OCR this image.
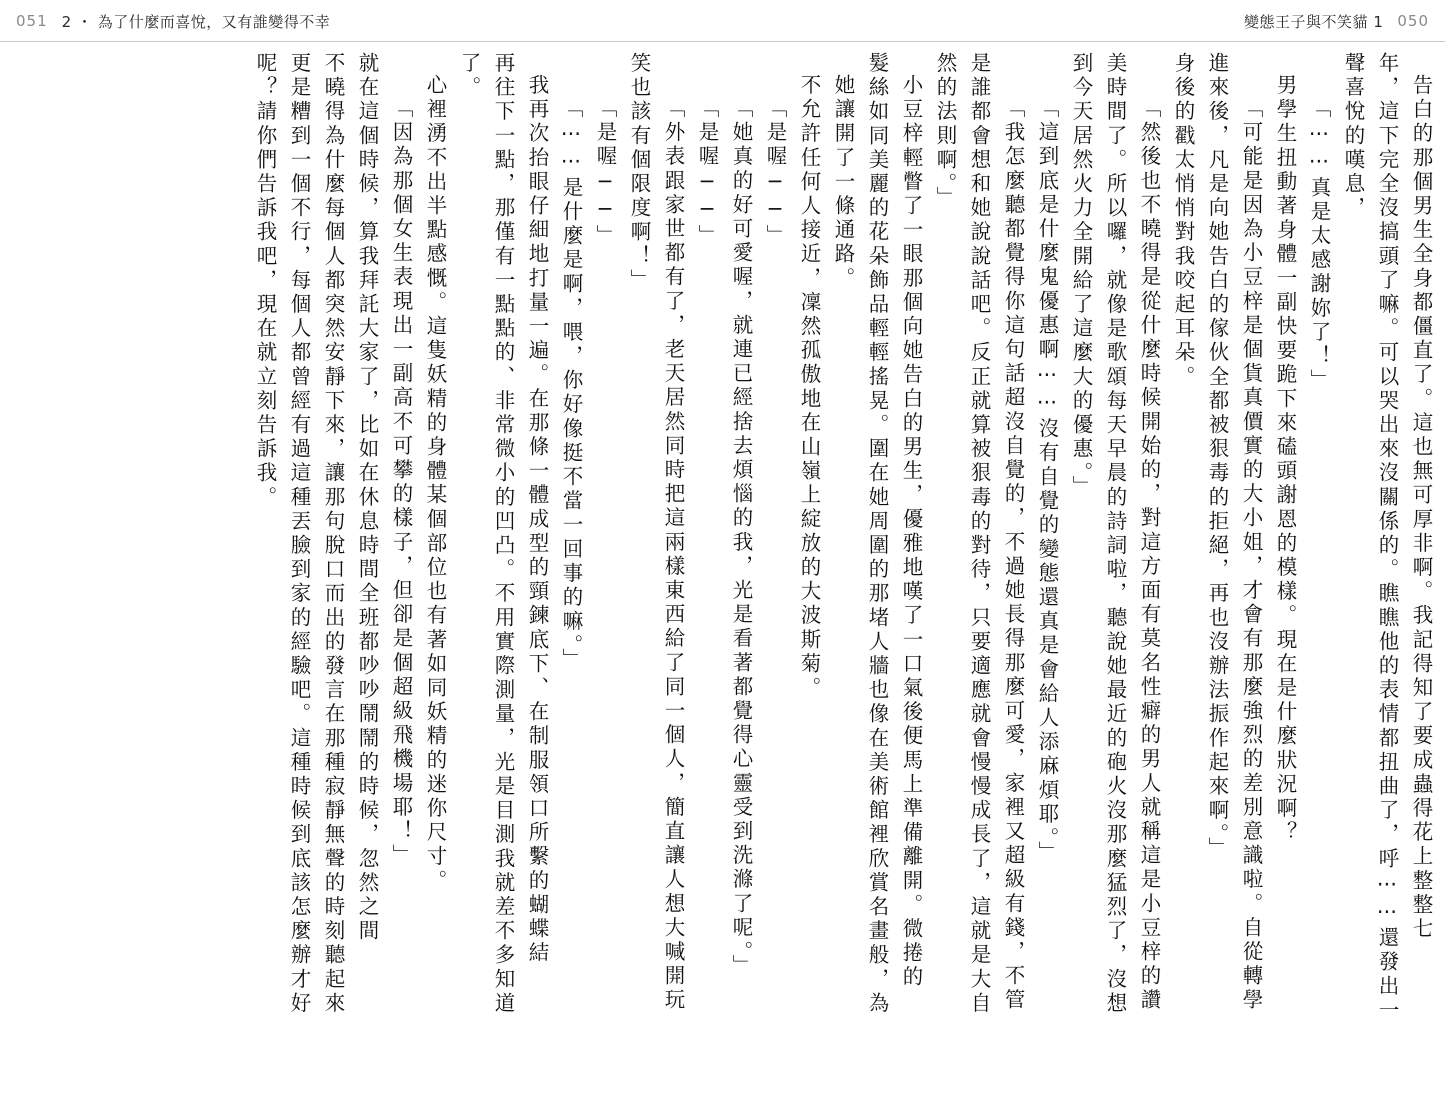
051 2 ・ 為了什麼而喜悅，又有誰變得不幸	變態王子與不笑貓 1 050
告白的那個男生全身都僵直了。這也無可厚非啊。我記得知了要成蟲得花上整整七
年，這下完全沒搞頭了嘛。可以哭出來沒關係的。瞧瞧他的表情都扭曲了，呼⋯⋯還發出一
聲喜悅的嘆息，
「⋯⋯真是太感謝妳了！」
男學生扭動著身體一副快要跪下來磕頭謝恩的模樣。現在是什麼狀況啊？
「可能是因為小豆梓是個貨真價實的大小姐，才會有那麼強烈的差別意識啦。自從轉學
進來後，凡是向她告白的傢伙全都被狠毒的拒絕，再也沒辦法振作起來啊。」
身後的戳太悄悄對我咬起耳朵。
「然後也不曉得是從什麼時候開始的，對這方面有莫名性癖的男人就稱這是小豆梓的讚
美時間了。所以囉，就像是歌頌每天早晨的詩詞啦，聽說她最近的砲火沒那麼猛烈了，沒想
到今天居然火力全開給了這麼大的優惠。」
「這到底是什麼鬼優惠啊⋯⋯沒有自覺的變態還真是會給人添麻煩耶。」
「我怎麼聽都覺得你這句話超沒自覺的，不過她長得那麼可愛，家裡又超級有錢，不管
是誰都會想和她說說話吧。反正就算被狠毒的對待，只要適應就會慢慢成長了，這就是大自
然的法則啊。」
小豆梓輕瞥了一眼那個向她告白的男生，優雅地嘆了一口氣後便馬上準備離開。微捲的
髮絲如同美麗的花朵飾品輕輕搖晃。圍在她周圍的那堵人牆也像在美術館裡欣賞名畫般，為
她讓開了一條通路。
不允許任何人接近，凜然孤傲地在山嶺上綻放的大波斯菊。
「是喔──」
「她真的好可愛喔，就連已經捨去煩惱的我，光是看著都覺得心靈受到洗滌了呢。」
「是喔──」
「外表跟家世都有了，老天居然同時把這兩樣東西給了同一個人，簡直讓人想大喊開玩
笑也該有個限度啊！」
「是喔──」
「⋯⋯是什麼是啊，喂，你好像挺不當一回事的嘛。」
我再次抬眼仔細地打量一遍。在那條一體成型的頸鍊底下、在制服領口所繫的蝴蝶結
再往下一點，那僅有一點點的、非常微小的凹凸。不用實際測量，光是目測我就差不多知道
了。
心裡湧不出半點感慨。這隻妖精的身體某個部位也有著如同妖精的迷你尺寸。
「因為那個女生表現出一副高不可攀的樣子，但卻是個超級飛機場耶！」
就在這個時候，算我拜託大家了，比如在休息時間全班都吵吵鬧鬧的時候，忽然之間
不曉得為什麼每個人都突然安靜下來，讓那句脫口而出的發言在那種寂靜無聲的時刻聽起來
更是糟到一個不行，每個人都曾經有過這種丟臉到家的經驗吧。這種時候到底該怎麼辦才好
呢？請你們告訴我吧，現在就立刻告訴我。
